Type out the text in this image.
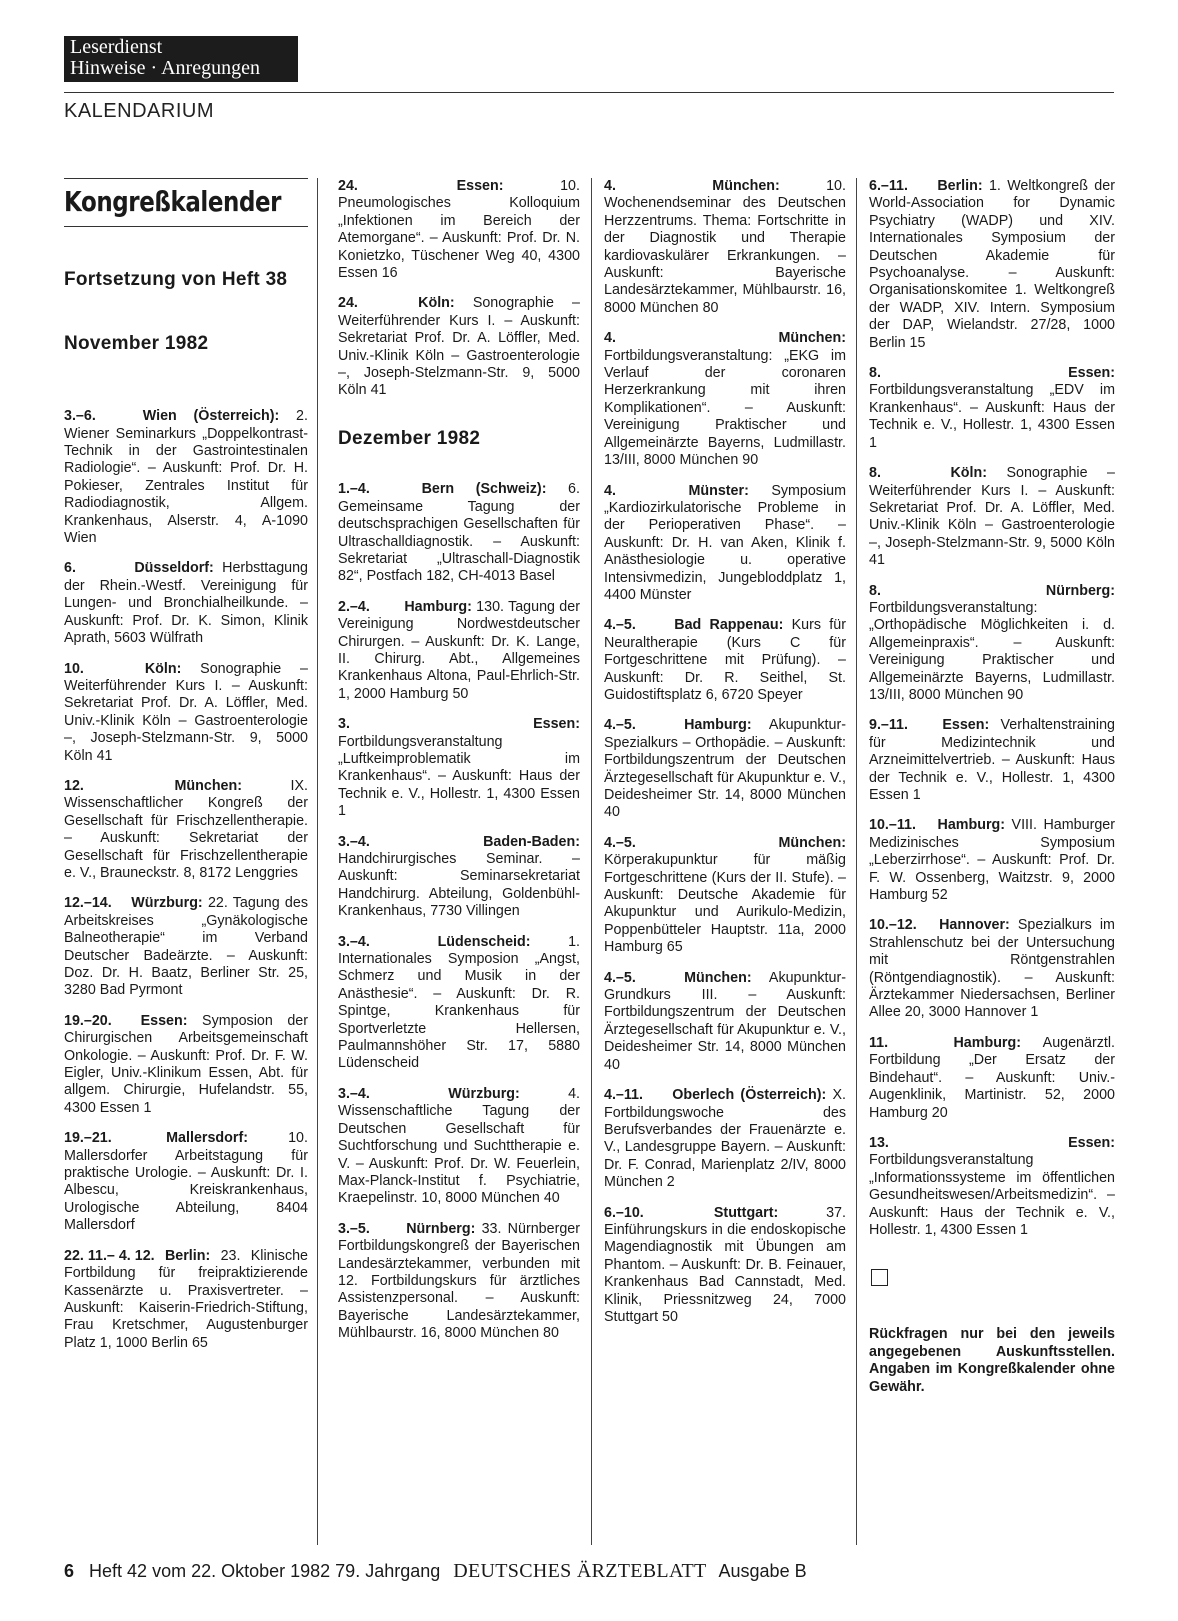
Leserdienst
Hinweise · Anregungen
KALENDARIUM
Kongreßkalender
Fortsetzung von Heft 38
November 1982

3.–6.	Wien (Österreich): 2. Wiener Seminarkurs „Doppelkontrast-Technik in der Gastrointestinalen Radiologie“. – Auskunft: Prof. Dr. H. Pokieser, Zentrales Institut für Radiodiagnostik, Allgem. Krankenhaus, Alserstr. 4, A-1090 Wien

6.	Düsseldorf: Herbsttagung der Rhein.-Westf. Vereinigung für Lungen- und Bronchialheilkunde. – Auskunft: Prof. Dr. K. Simon, Klinik Aprath, 5603 Wülfrath

10.	Köln: Sonographie – Weiterführender Kurs I. – Auskunft: Sekretariat Prof. Dr. A. Löffler, Med. Univ.-Klinik Köln – Gastroenterologie –, Joseph-Stelzmann-Str. 9, 5000 Köln 41

12.	München:	IX. Wissenschaftlicher Kongreß der Gesellschaft für Frischzellentherapie. – Auskunft: Sekretariat der Gesellschaft für Frischzellentherapie e. V., Brauneckstr. 8, 8172 Lenggries

12.–14. Würzburg: 22. Tagung des Arbeitskreises „Gynäkologische Balneotherapie“ im Verband Deutscher Badeärzte. – Auskunft: Doz. Dr. H. Baatz, Berliner Str. 25, 3280 Bad Pyrmont

19.–20. Essen: Symposion der Chirurgischen Arbeitsgemeinschaft Onkologie. – Auskunft: Prof. Dr. F. W. Eigler, Univ.-Klinikum Essen, Abt. für allgem. Chirurgie, Hufelandstr. 55, 4300 Essen 1

19.–21.	Mallersdorf:	10. Mallersdorfer Arbeitstagung für praktische Urologie. – Auskunft: Dr. I. Albescu, Kreiskrankenhaus, Urologische Abteilung, 8404 Mallersdorf

22. 11.– 4. 12. Berlin: 23. Klinische Fortbildung für freipraktizierende Kassenärzte u. Praxisvertreter. – Auskunft: Kaiserin-Friedrich-Stiftung, Frau Kretschmer, Augustenburger Platz 1, 1000 Berlin 65

24.	Essen:	10. Pneumologisches Kolloquium „Infektionen im Bereich der Atemorgane“. – Auskunft: Prof. Dr. N. Konietzko, Tüschener Weg 40, 4300 Essen 16

24.	Köln: Sonographie – Weiterführender Kurs I. – Auskunft: Sekretariat Prof. Dr. A. Löffler, Med. Univ.-Klinik Köln – Gastroenterologie –, Joseph-Stelzmann-Str. 9, 5000 Köln 41

Dezember 1982

1.–4.	Bern (Schweiz): 6. Gemeinsame Tagung der deutschsprachigen Gesellschaften für Ultraschalldiagnostik. – Auskunft: Sekretariat „Ultraschall-Diagnostik 82“, Postfach 182, CH-4013 Basel

2.–4. Hamburg: 130. Tagung der Vereinigung Nordwestdeutscher Chirurgen. – Auskunft: Dr. K. Lange, II. Chirurg. Abt., Allgemeines Krankenhaus Altona, Paul-Ehrlich-Str. 1, 2000 Hamburg 50

3.	Essen: Fortbildungsveranstaltung „Luftkeimproblematik im Krankenhaus“. – Auskunft: Haus der Technik e. V., Hollestr. 1, 4300 Essen 1

3.–4.	Baden-Baden: Handchirurgisches Seminar. – Auskunft: Seminarsekretariat Handchirurg. Abteilung, Goldenbühl-Krankenhaus, 7730 Villingen

3.–4.	Lüdenscheid:	1. Internationales Symposion „Angst, Schmerz und Musik in der Anästhesie“. – Auskunft: Dr. R. Spintge, Krankenhaus für Sportverletzte Hellersen, Paulmannshöher Str. 17, 5880 Lüdenscheid

3.–4.	Würzburg:	4. Wissenschaftliche Tagung der Deutschen Gesellschaft für Suchtforschung und Suchttherapie e. V. – Auskunft: Prof. Dr. W. Feuerlein, Max-Planck-Institut f. Psychiatrie, Kraepelinstr. 10, 8000 München 40

3.–5.	Nürnberg: 33. Nürnberger Fortbildungskongreß der Bayerischen Landesärztekammer, verbunden mit 12. Fortbildungskurs für ärztliches Assistenzpersonal. – Auskunft: Bayerische Landesärztekammer, Mühlbaurstr. 16, 8000 München 80

4.	München:	10. Wochenendseminar des Deutschen Herzzentrums. Thema: Fortschritte in der Diagnostik und Therapie kardiovaskulärer Erkrankungen. – Auskunft: Bayerische Landesärztekammer, Mühlbaurstr. 16, 8000 München 80

4.	München: Fortbildungsveranstaltung: „EKG im Verlauf der coronaren Herzerkrankung mit ihren Komplikationen“. – Auskunft: Vereinigung Praktischer und Allgemeinärzte Bayerns, Ludmillastr. 13/III, 8000 München 90

4.	Münster: Symposium „Kardiozirkulatorische Probleme in der Perioperativen Phase“. – Auskunft: Dr. H. van Aken, Klinik f. Anästhesiologie u. operative Intensivmedizin, Jungebloddplatz 1, 4400 Münster

4.–5.	Bad Rappenau: Kurs für Neuraltherapie (Kurs C für Fortgeschrittene mit Prüfung). – Auskunft: Dr. R. Seithel, St. Guidostiftsplatz 6, 6720 Speyer

4.–5.	Hamburg: Akupunktur-Spezialkurs – Orthopädie. – Auskunft: Fortbildungszentrum der Deutschen Ärztegesellschaft für Akupunktur e. V., Deidesheimer Str. 14, 8000 München 40

4.–5.	München: Körperakupunktur für mäßig Fortgeschrittene (Kurs der II. Stufe). – Auskunft: Deutsche Akademie für Akupunktur und Aurikulo-Medizin, Poppenbütteler Hauptstr. 11a, 2000 Hamburg 65

4.–5.	München: Akupunktur-Grundkurs III. – Auskunft: Fortbildungszentrum der Deutschen Ärztegesellschaft für Akupunktur e. V., Deidesheimer Str. 14, 8000 München 40

4.–11. Oberlech (Österreich): X. Fortbildungswoche des Berufsverbandes der Frauenärzte e. V., Landesgruppe Bayern. – Auskunft: Dr. F. Conrad, Marienplatz 2/IV, 8000 München 2

6.–10.	Stuttgart:	37. Einführungskurs in die endoskopische Magendiagnostik mit Übungen am Phantom. – Auskunft: Dr. B. Feinauer, Krankenhaus Bad Cannstadt, Med. Klinik, Priessnitzweg 24, 7000 Stuttgart 50

6.–11. Berlin: 1. Weltkongreß der World-Association for Dynamic Psychiatry (WADP) und XIV. Internationales Symposium der Deutschen Akademie für Psychoanalyse. – Auskunft: Organisationskomitee 1. Weltkongreß der WADP, XIV. Intern. Symposium der DAP, Wielandstr. 27/28, 1000 Berlin 15

8.	Essen: Fortbildungsveranstaltung „EDV im Krankenhaus“. – Auskunft: Haus der Technik e. V., Hollestr. 1, 4300 Essen 1

8.	Köln: Sonographie – Weiterführender Kurs I. – Auskunft: Sekretariat Prof. Dr. A. Löffler, Med. Univ.-Klinik Köln – Gastroenterologie –, Joseph-Stelzmann-Str. 9, 5000 Köln 41

8.	Nürnberg: Fortbildungsveranstaltung: „Orthopädische Möglichkeiten i. d. Allgemeinpraxis“. – Auskunft: Vereinigung Praktischer und Allgemeinärzte Bayerns, Ludmillastr. 13/III, 8000 München 90

9.–11. Essen: Verhaltenstraining für Medizintechnik und Arzneimittelvertrieb. – Auskunft: Haus der Technik e. V., Hollestr. 1, 4300 Essen 1

10.–11. Hamburg: VIII. Hamburger Medizinisches Symposium „Leberzirrhose“. – Auskunft: Prof. Dr. F. W. Ossenberg, Waitzstr. 9, 2000 Hamburg 52

10.–12. Hannover: Spezialkurs im Strahlenschutz bei der Untersuchung mit Röntgenstrahlen (Röntgendiagnostik). – Auskunft: Ärztekammer Niedersachsen, Berliner Allee 20, 3000 Hannover 1

11.	Hamburg: Augenärztl. Fortbildung „Der Ersatz der Bindehaut“. – Auskunft: Univ.-Augenklinik, Martinistr. 52, 2000 Hamburg 20

13.	Essen: Fortbildungsveranstaltung „Informationssysteme im öffentlichen Gesundheitswesen/Arbeitsmedizin“. – Auskunft: Haus der Technik e. V., Hollestr. 1, 4300 Essen 1

Rückfragen nur bei den jeweils angegebenen Auskunftsstellen. Angaben im Kongreßkalender ohne Gewähr.
6 Heft 42 vom 22. Oktober 1982 79. Jahrgang DEUTSCHES ÄRZTEBLATT Ausgabe B
